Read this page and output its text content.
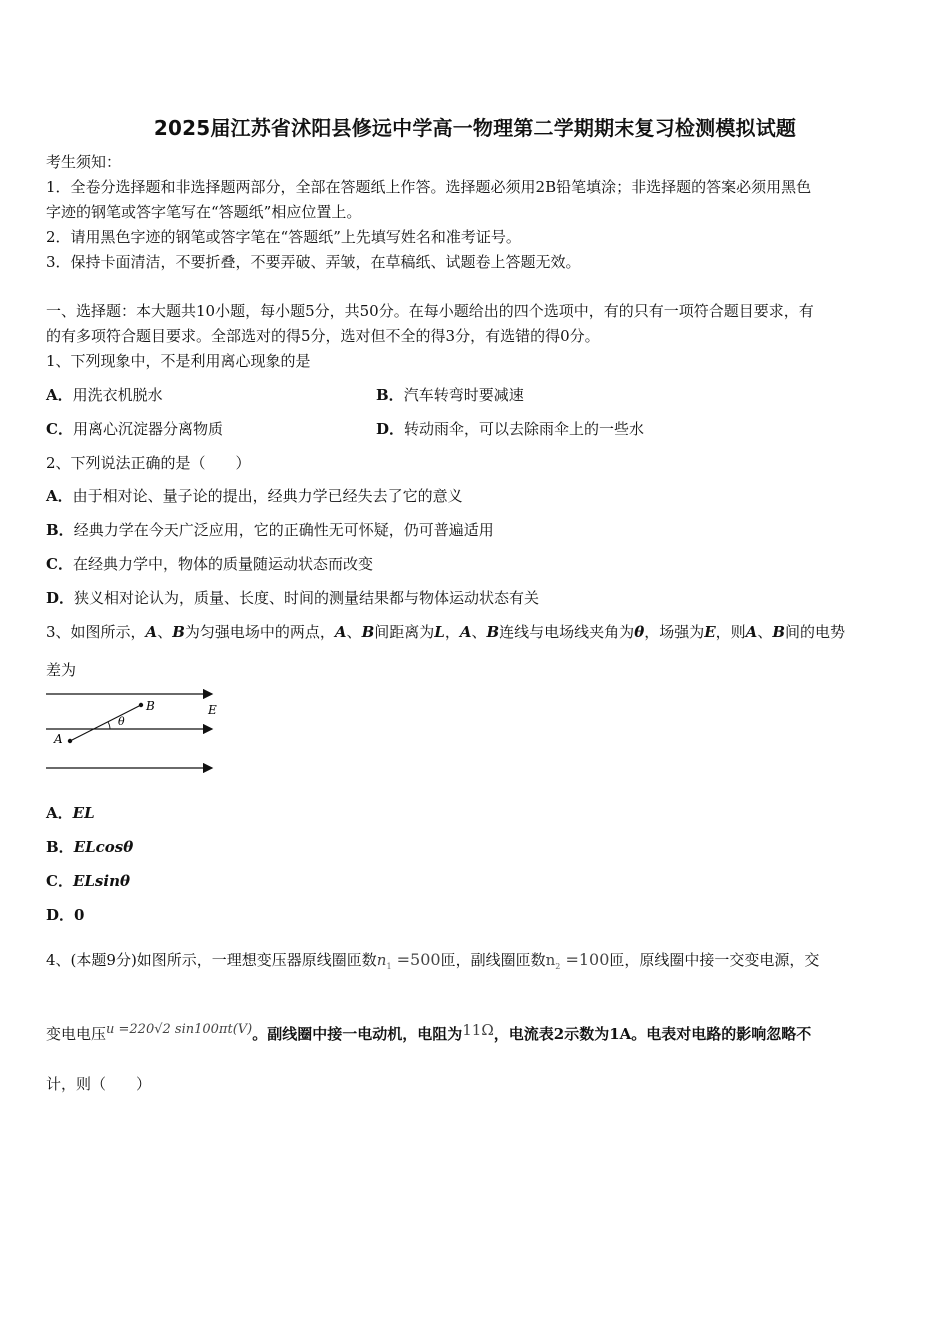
2025届江苏省沭阳县修远中学高一物理第二学期期末复习检测模拟试题
考生须知：
1．全卷分选择题和非选择题两部分，全部在答题纸上作答。选择题必须用2B铅笔填涂；非选择题的答案必须用黑色
字迹的钢笔或答字笔写在“答题纸”相应位置上。
2．请用黑色字迹的钢笔或答字笔在“答题纸”上先填写姓名和准考证号。
3．保持卡面清洁，不要折叠，不要弄破、弄皱，在草稿纸、试题卷上答题无效。
一、选择题：本大题共10小题，每小题5分，共50分。在每小题给出的四个选项中，有的只有一项符合题目要求，有
的有多项符合题目要求。全部选对的得5分，选对但不全的得3分，有选错的得0分。
1、下列现象中，不是利用离心现象的是
A．用洗衣机脱水	B．汽车转弯时要减速
C．用离心沉淀器分离物质	D．转动雨伞，可以去除雨伞上的一些水
2、下列说法正确的是（　　）
A．由于相对论、量子论的提出，经典力学已经失去了它的意义
B．经典力学在今天广泛应用，它的正确性无可怀疑，仍可普遍适用
C．在经典力学中，物体的质量随运动状态而改变
D．狭义相对论认为，质量、长度、时间的测量结果都与物体运动状态有关
3、如图所示，A、B为匀强电场中的两点，A、B间距离为L，A、B连线与电场线夹角为θ，场强为E，则A、B间的电势
差为
A
B	E
θ
A．EL
B．ELcosθ
C．ELsinθ
D．0
4、(本题9分)如图所示，一理想变压器原线圈匝数$n_1 =500$匝，副线圈匝数$n_2 =100$匝，原线圈中接一交变电源，交
变电电压u =220√2 sin100πt(V)。副线圈中接一电动机，电阻为11Ω，电流表2示数为1A。电表对电路的影响忽略不
计，则（　　）
